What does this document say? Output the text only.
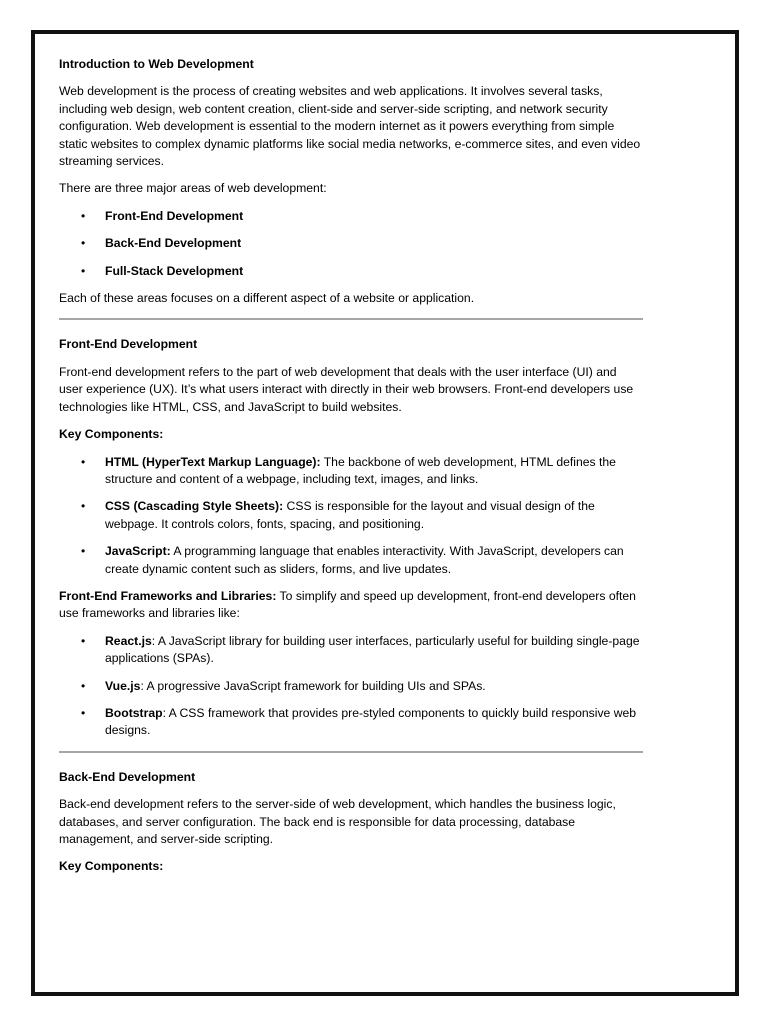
Introduction to Web Development

Web development is the process of creating websites and web applications. It involves several tasks, including web design, web content creation, client-side and server-side scripting, and network security configuration. Web development is essential to the modern internet as it powers everything from simple static websites to complex dynamic platforms like social media networks, e-commerce sites, and even video streaming services.

There are three major areas of web development:

• Front-End Development
• Back-End Development
• Full-Stack Development

Each of these areas focuses on a different aspect of a website or application.

Front-End Development

Front-end development refers to the part of web development that deals with the user interface (UI) and user experience (UX). It’s what users interact with directly in their web browsers. Front-end developers use technologies like HTML, CSS, and JavaScript to build websites.

Key Components:
• HTML (HyperText Markup Language): The backbone of web development, HTML defines the structure and content of a webpage, including text, images, and links.
• CSS (Cascading Style Sheets): CSS is responsible for the layout and visual design of the webpage. It controls colors, fonts, spacing, and positioning.
• JavaScript: A programming language that enables interactivity. With JavaScript, developers can create dynamic content such as sliders, forms, and live updates.

Front-End Frameworks and Libraries: To simplify and speed up development, front-end developers often use frameworks and libraries like:

• React.js: A JavaScript library for building user interfaces, particularly useful for building single-page applications (SPAs).
• Vue.js: A progressive JavaScript framework for building UIs and SPAs.
• Bootstrap: A CSS framework that provides pre-styled components to quickly build responsive web designs.
Back-End Development

Back-end development refers to the server-side of web development, which handles the business logic, databases, and server configuration. The back end is responsible for data processing, database management, and server-side scripting.

Key Components:
